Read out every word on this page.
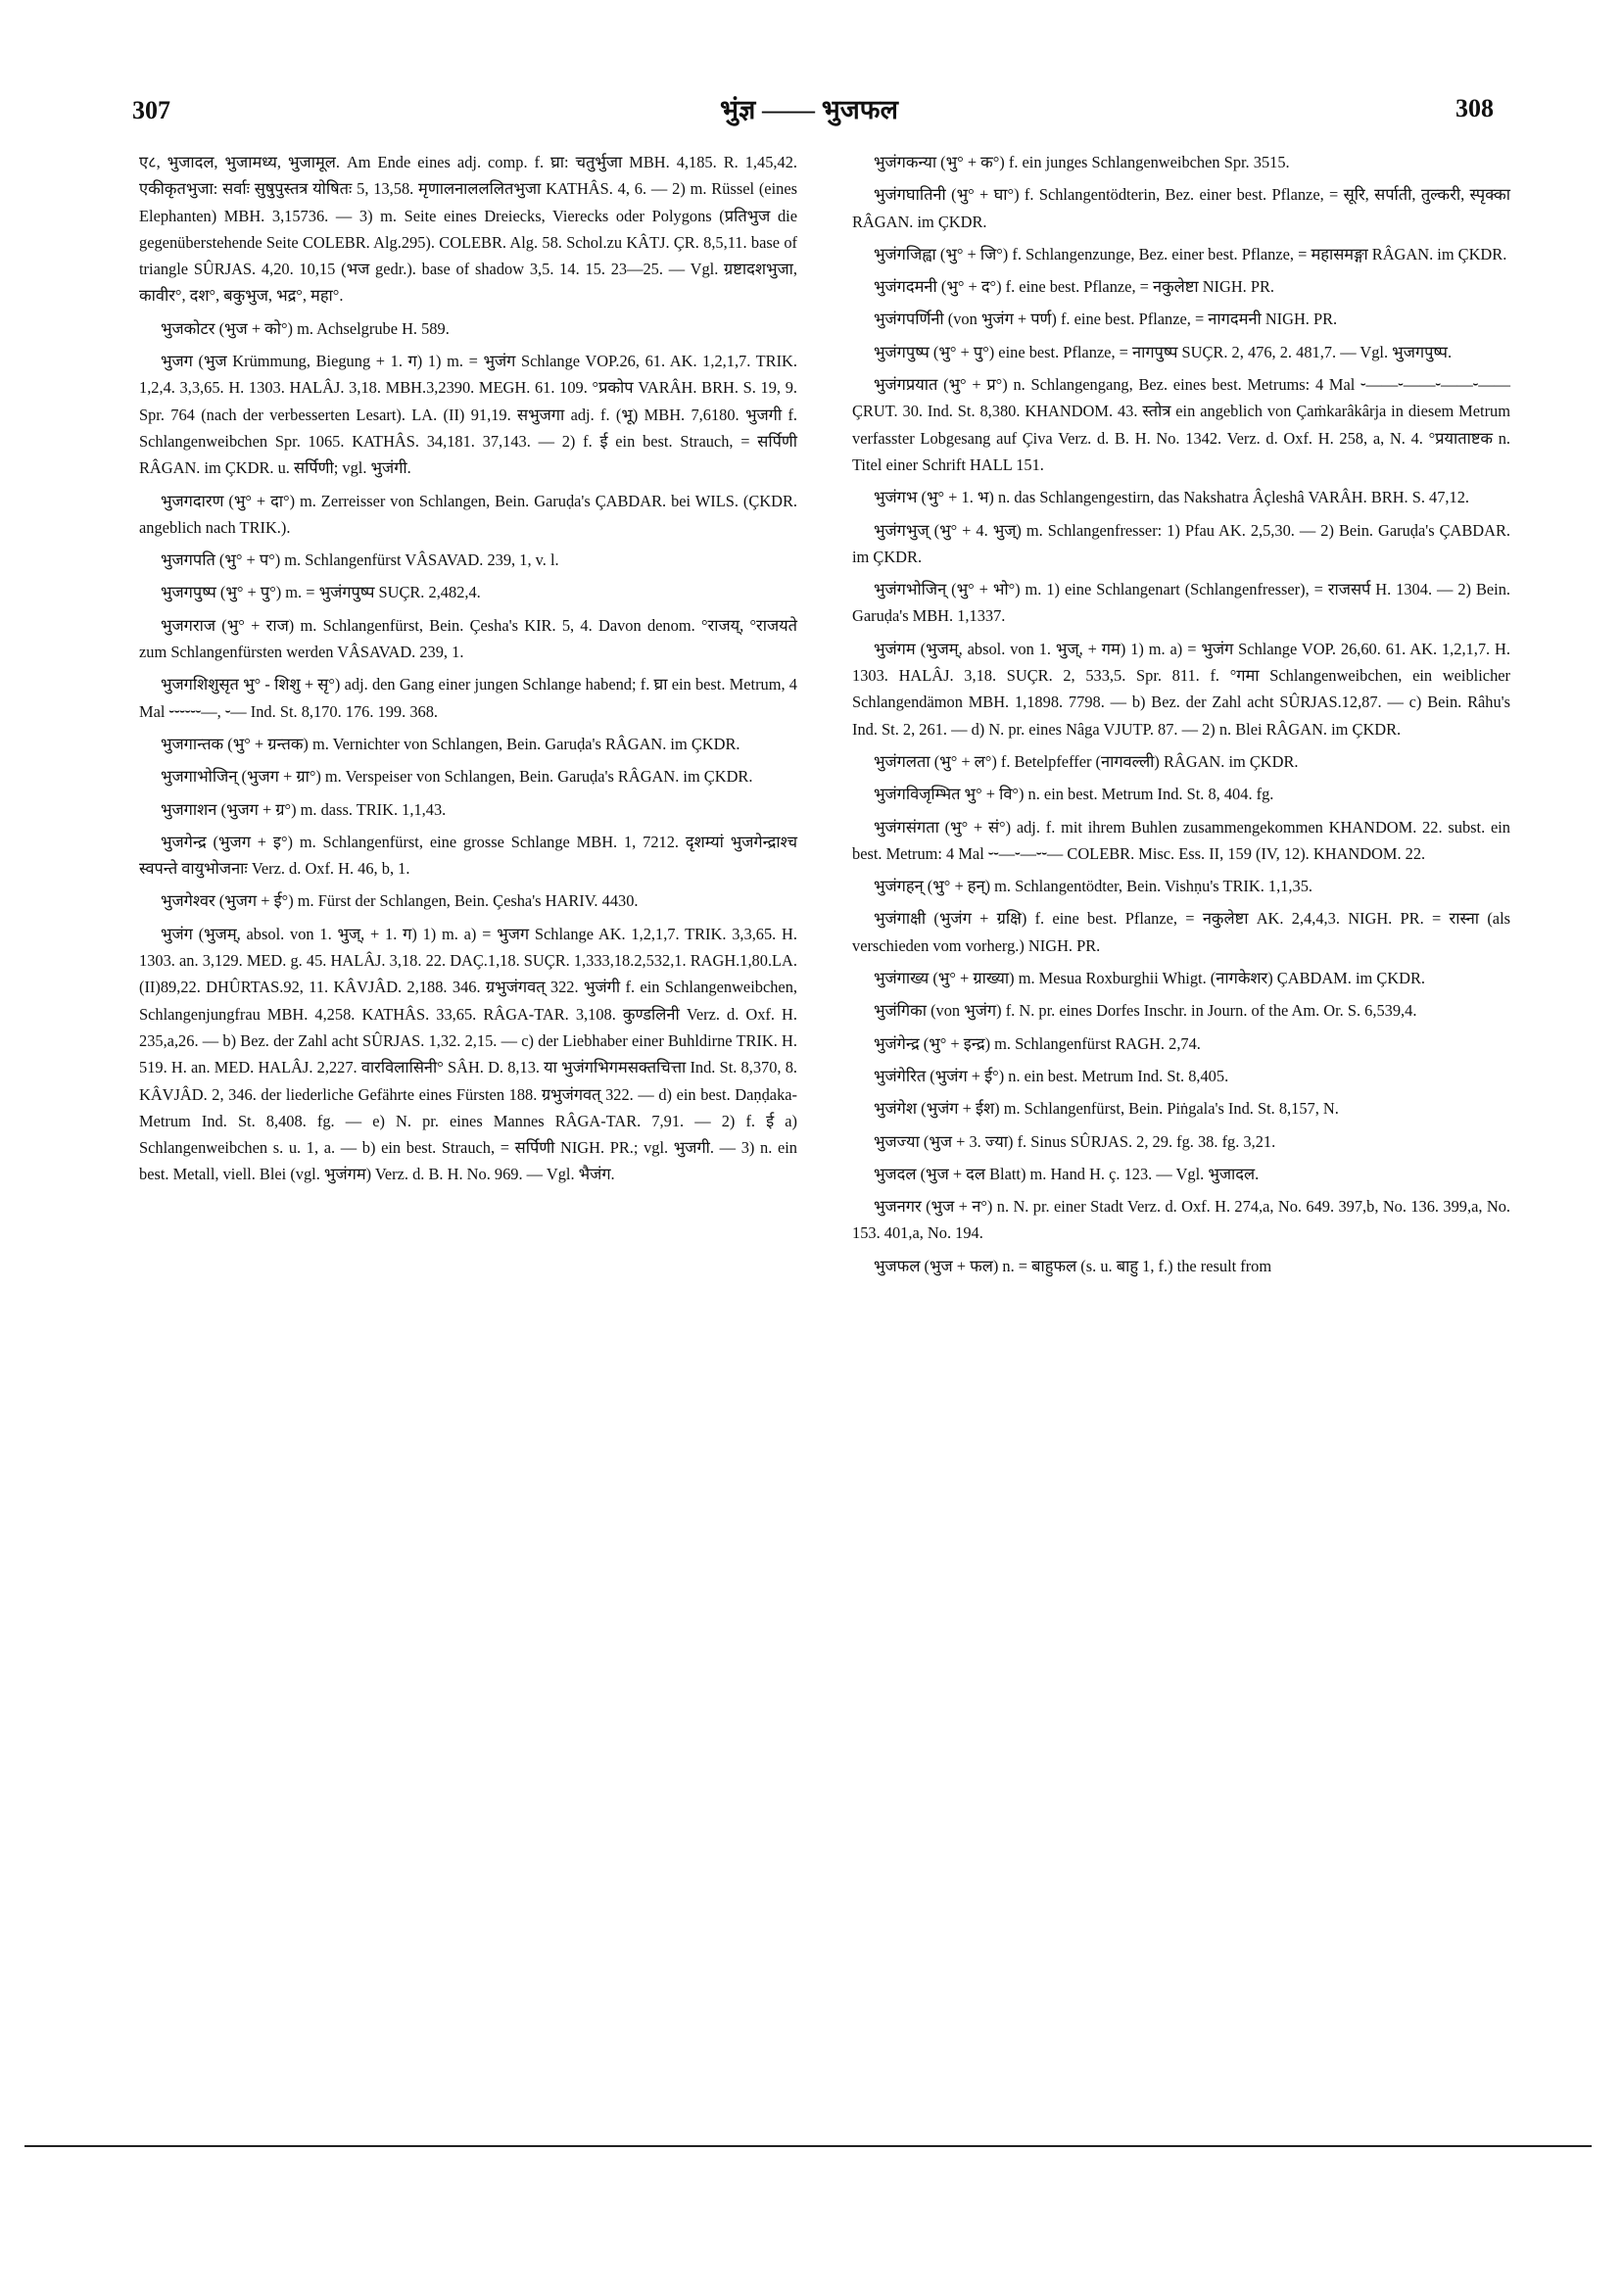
307	भुंज्ञ —— भुजफल	308

ए८, भुजादल, भुजामध्य, भुजामूल. Am Ende eines adj. comp. f. घ्रा: चतुर्भुजा MBH. 4,185. R. 1,45,42. एकीकृतभुजा: सर्वाः सुषुपुस्तत्र योषितः 5, 13,58. मृणालनालललितभुजा KATHÂS. 4, 6. — 2) m. Rüssel (eines Elephanten) MBH. 3,15736. — 3) m. Seite eines Dreiecks, Vierecks oder Polygons (प्रतिभुज die gegenüberstehende Seite COLEBR. Alg.295). COLEBR. Alg. 58. Schol.zu KÂTJ. ÇR. 8,5,11. base of triangle SÛRJAS. 4,20. 10,15 (भज gedr.). base of shadow 3,5. 14. 15. 23—25. — Vgl. ग्रष्टादशभुजा, कावीर°, दश°, बकुभुज, भद्र°, महा°.

भुजकोटर (भुज + को°) m. Achselgrube H. 589.

भुजग (भुज Krümmung, Biegung + 1. ग) 1) m. = भुजंग Schlange VOP.26, 61. AK. 1,2,1,7. TRIK. 1,2,4. 3,3,65. H. 1303. HALÂJ. 3,18. MBH.3,2390. MEGH. 61. 109. °प्रकोप VARÂH. BRH. S. 19, 9. Spr. 764 (nach der verbesserten Lesart). LA. (II) 91,19. सभुजगा adj. f. (भू) MBH. 7,6180. भुजगी f. Schlangenweibchen Spr. 1065. KATHÂS. 34,181. 37,143. — 2) f. ई ein best. Strauch, = सर्पिणी RÂGAN. im ÇKDR. u. सर्पिणी; vgl. भुजंगी.

भुजगदारण (भु° + दा°) m. Zerreisser von Schlangen, Bein. Garuḍa's ÇABDAR. bei WILS. (ÇKDR. angeblich nach TRIK.).

भुजगपति (भु° + प°) m. Schlangenfürst VÂSAVAD. 239, 1, v. l.

भुजगपुष्प (भु° + पु°) m. = भुजंगपुष्प SUÇR. 2,482,4.

भुजगराज (भु° + राज) m. Schlangenfürst, Bein. Çesha's KIR. 5, 4. Davon denom. °राजय्, °राजयते zum Schlangenfürsten werden VÂSAVAD. 239, 1.

भुजगशिशुसृत भु° - शिशु + सृ°) adj. den Gang einer jungen Schlange habend; f. घ्रा ein best. Metrum, 4 Mal ⏑⏑⏑⏑⏑⏑—, ⏑— Ind. St. 8,170. 176. 199. 368.

भुजगान्तक (भु° + ग्रन्तक) m. Vernichter von Schlangen, Bein. Garuḍa's RÂGAN. im ÇKDR.

भुजगाभोजिन् (भुजग + ग्रा°) m. Verspeiser von Schlangen, Bein. Garuḍa's RÂGAN. im ÇKDR.

भुजगाशन (भुजग + ग्र°) m. dass. TRIK. 1,1,43.

भुजगेन्द्र (भुजग + इ°) m. Schlangenfürst, eine grosse Schlange MBH. 1, 7212. दृशम्यां भुजगेन्द्राश्च स्वपन्ते वायुभोजनाः Verz. d. Oxf. H. 46, b, 1.

भुजगेश्वर (भुजग + ई°) m. Fürst der Schlangen, Bein. Çesha's HARIV. 4430.

भुजंग (भुजम्, absol. von 1. भुज्, + 1. ग) 1) m. a) = भुजग Schlange AK. 1,2,1,7. TRIK. 3,3,65. H. 1303. an. 3,129. MED. g. 45. HALÂJ. 3,18. 22. DAÇ.1,18. SUÇR. 1,333,18.2,532,1. RAGH.1,80.LA.(II)89,22. DHÛRTAS.92, 11. KÂVJÂD. 2,188. 346. ग्रभुजंगवत् 322. भुजंगी f. ein Schlangenweibchen, Schlangenjungfrau MBH. 4,258. KATHÂS. 33,65. RÂGA-TAR. 3,108. कुण्डलिनी Verz. d. Oxf. H. 235,a,26. — b) Bez. der Zahl acht SÛRJAS. 1,32. 2,15. — c) der Liebhaber einer Buhldirne TRIK. H. 519. H. an. MED. HALÂJ. 2,227. वारविलासिनी° SÂH. D. 8,13. या भुजंगभिगमसक्तचित्ता Ind. St. 8,370, 8. KÂVJÂD. 2, 346. der liederliche Gefährte eines Fürsten 188. ग्रभुजंगवत् 322. — d) ein best. Daṇḍaka-Metrum Ind. St. 8,408. fg. — e) N. pr. eines Mannes RÂGA-TAR. 7,91. — 2) f. ई a) Schlangenweibchen s. u. 1, a. — b) ein best. Strauch, = सर्पिणी NIGH. PR.; vgl. भुजगी. — 3) n. ein best. Metall, viell. Blei (vgl. भुजंगम) Verz. d. B. H. No. 969. — Vgl. भैजंग.

भुजंगकन्या (भु° + क°) f. ein junges Schlangenweibchen Spr. 3515.

भुजंगघातिनी (भु° + घा°) f. Schlangentödterin, Bez. einer best. Pflanze, = सूरि, सर्पाती, तुल्करी, स्पृक्का RÂGAN. im ÇKDR.

भुजंगजिह्वा (भु° + जि°) f. Schlangenzunge, Bez. einer best. Pflanze, = महासमङ्गा RÂGAN. im ÇKDR.

भुजंगदमनी (भु° + द°) f. eine best. Pflanze, = नकुलेष्टा NIGH. PR.

भुजंगपर्णिनी (von भुजंग + पर्ण) f. eine best. Pflanze, = नागदमनी NIGH. PR.

भुजंगपुष्प (भु° + पु°) eine best. Pflanze, = नागपुष्प SUÇR. 2, 476, 2. 481,7. — Vgl. भुजगपुष्प.

भुजंगप्रयात (भु° + प्र°) n. Schlangengang, Bez. eines best. Metrums: 4 Mal ⏑——⏑——⏑——⏑—— ÇRUT. 30. Ind. St. 8,380. KHANDOM. 43. स्तोत्र ein angeblich von Çaṁkarâkârja in diesem Metrum verfasster Lobgesang auf Çiva Verz. d. B. H. No. 1342. Verz. d. Oxf. H. 258, a, N. 4. °प्रयाताष्टक n. Titel einer Schrift HALL 151.

भुजंगभ (भु° + 1. भ) n. das Schlangengestirn, das Nakshatra Âçleshâ VARÂH. BRH. S. 47,12.

भुजंगभुज् (भु° + 4. भुज्) m. Schlangenfresser: 1) Pfau AK. 2,5,30. — 2) Bein. Garuḍa's ÇABDAR. im ÇKDR.

भुजंगभोजिन् (भु° + भो°) m. 1) eine Schlangenart (Schlangenfresser), = राजसर्प H. 1304. — 2) Bein. Garuḍa's MBH. 1,1337.

भुजंगम (भुजम्, absol. von 1. भुज्, + गम) 1) m. a) = भुजंग Schlange VOP. 26,60. 61. AK. 1,2,1,7. H. 1303. HALÂJ. 3,18. SUÇR. 2, 533,5. Spr. 811. f. °गमा Schlangenweibchen, ein weiblicher Schlangendämon MBH. 1,1898. 7798. — b) Bez. der Zahl acht SÛRJAS.12,87. — c) Bein. Râhu's Ind. St. 2, 261. — d) N. pr. eines Nâga VJUTP. 87. — 2) n. Blei RÂGAN. im ÇKDR.

भुजंगलता (भु° + ल°) f. Betelpfeffer (नागवल्ली) RÂGAN. im ÇKDR.

भुजंगविजृम्भित भु° + वि°) n. ein best. Metrum Ind. St. 8, 404. fg.

भुजंगसंगता (भु° + सं°) adj. f. mit ihrem Buhlen zusammengekommen KHANDOM. 22. subst. ein best. Metrum: 4 Mal ⏑⏑—⏑—⏑⏑— COLEBR. Misc. Ess. II, 159 (IV, 12). KHANDOM. 22.

भुजंगहन् (भु° + हन्) m. Schlangentödter, Bein. Vishṇu's TRIK. 1,1,35.

भुजंगाक्षी (भुजंग + ग्रक्षि) f. eine best. Pflanze, = नकुलेष्टा AK. 2,4,4,3. NIGH. PR. = रास्ना (als verschieden vom vorherg.) NIGH. PR.

भुजंगाख्य (भु° + ग्राख्या) m. Mesua Roxburghii Whigt. (नागकेशर) ÇABDAM. im ÇKDR.

भुजंगिका (von भुजंग) f. N. pr. eines Dorfes Inschr. in Journ. of the Am. Or. S. 6,539,4.

भुजंगेन्द्र (भु° + इन्द्र) m. Schlangenfürst RAGH. 2,74.

भुजंगेरित (भुजंग + ई°) n. ein best. Metrum Ind. St. 8,405.

भुजंगेश (भुजंग + ईश) m. Schlangenfürst, Bein. Piṅgala's Ind. St. 8,157, N.

भुजज्या (भुज + 3. ज्या) f. Sinus SÛRJAS. 2, 29. fg. 38. fg. 3,21.

भुजदल (भुज + दल Blatt) m. Hand H. ç. 123. — Vgl. भुजादल.

भुजनगर (भुज + न°) n. N. pr. einer Stadt Verz. d. Oxf. H. 274,a, No. 649. 397,b, No. 136. 399,a, No. 153. 401,a, No. 194.

भुजफल (भुज + फल) n. = बाहुफल (s. u. बाहु 1, f.) the result from
